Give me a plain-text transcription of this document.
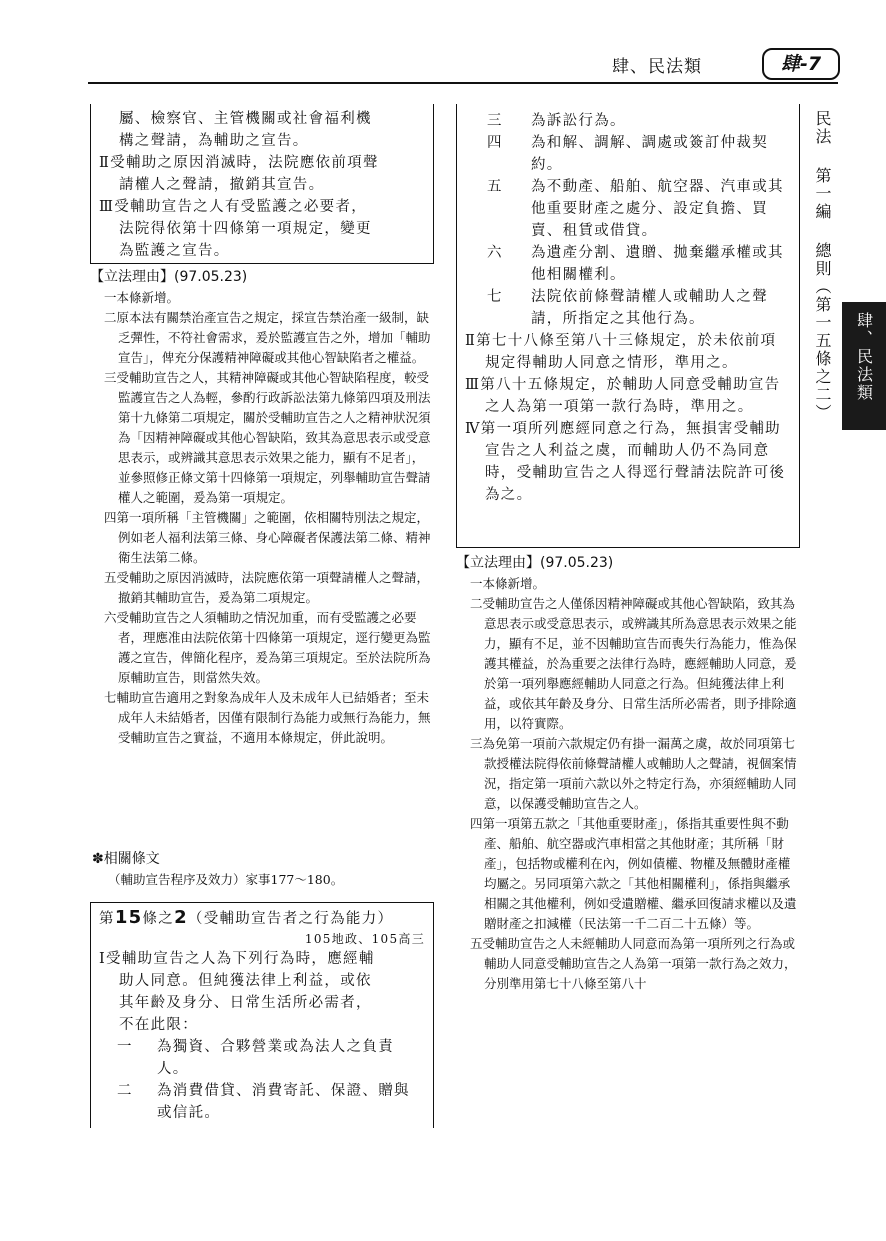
肆、民法類	肆-7
民法 第一編 總則（第一五條之二） 肆、民法類

屬、檢察官、主管機關或社會福利機

構之聲請，為輔助之宣告。

Ⅱ受輔助之原因消滅時，法院應依前項聲

請權人之聲請，撤銷其宣告。

Ⅲ受輔助宣告之人有受監護之必要者，

法院得依第十四條第一項規定，變更

為監護之宣告。

【立法理由】(97.05.23)

一本條新增。

二原本法有關禁治產宣告之規定，採宣告禁治產一級制，缺乏彈性，不符社會需求，爰於監護宣告之外，增加「輔助宣告」，俾充分保護精神障礙或其他心智缺陷者之權益。

三受輔助宣告之人，其精神障礙或其他心智缺陷程度，較受監護宣告之人為輕，參酌行政訴訟法第九條第四項及刑法第十九條第二項規定，關於受輔助宣告之人之精神狀況須為「因精神障礙或其他心智缺陷，致其為意思表示或受意思表示，或辨識其意思表示效果之能力，顯有不足者」，並參照修正條文第十四條第一項規定，列舉輔助宣告聲請權人之範圍，爰為第一項規定。

四第一項所稱「主管機關」之範圍，依相關特別法之規定，例如老人福利法第三條、身心障礙者保護法第二條、精神衛生法第二條。

五受輔助之原因消滅時，法院應依第一項聲請權人之聲請，撤銷其輔助宣告，爰為第二項規定。

六受輔助宣告之人須輔助之情況加重，而有受監護之必要者，理應准由法院依第十四條第一項規定，逕行變更為監護之宣告，俾簡化程序，爰為第三項規定。至於法院所為原輔助宣告，則當然失效。

七輔助宣告適用之對象為成年人及未成年人已結婚者；至未成年人未結婚者，因僅有限制行為能力或無行為能力，無受輔助宣告之實益，不適用本條規定，併此說明。

✽相關條文
（輔助宣告程序及效力）家事177～180。
第15條之2（受輔助宣告者之行為能力）
105地政、105高三

Ⅰ受輔助宣告之人為下列行為時，應經輔

助人同意。但純獲法律上利益，或依

其年齡及身分、日常生活所必需者，

不在此限：

一	為獨資、合夥營業或為法人之負責人。
二	為消費借貸、消費寄託、保證、贈與或信託。
三	為訴訟行為。
四	為和解、調解、調處或簽訂仲裁契約。
五	為不動產、船舶、航空器、汽車或其他重要財產之處分、設定負擔、買賣、租賃或借貸。
六	為遺產分割、遺贈、拋棄繼承權或其他相關權利。
七	法院依前條聲請權人或輔助人之聲請，所指定之其他行為。

Ⅱ第七十八條至第八十三條規定，於未依前項規定得輔助人同意之情形，準用之。

Ⅲ第八十五條規定，於輔助人同意受輔助宣告之人為第一項第一款行為時，準用之。

Ⅳ第一項所列應經同意之行為，無損害受輔助宣告之人利益之虞，而輔助人仍不為同意時，受輔助宣告之人得逕行聲請法院許可後為之。

【立法理由】(97.05.23)

一本條新增。

二受輔助宣告之人僅係因精神障礙或其他心智缺陷，致其為意思表示或受意思表示，或辨識其所為意思表示效果之能力，顯有不足，並不因輔助宣告而喪失行為能力，惟為保護其權益，於為重要之法律行為時，應經輔助人同意，爰於第一項列舉應經輔助人同意之行為。但純獲法律上利益，或依其年齡及身分、日常生活所必需者，則予排除適用，以符實際。

三為免第一項前六款規定仍有掛一漏萬之虞，故於同項第七款授權法院得依前條聲請權人或輔助人之聲請，視個案情況，指定第一項前六款以外之特定行為，亦須經輔助人同意，以保護受輔助宣告之人。

四第一項第五款之「其他重要財產」，係指其重要性與不動產、船舶、航空器或汽車相當之其他財產；其所稱「財產」，包括物或權利在內，例如債權、物權及無體財產權均屬之。另同項第六款之「其他相關權利」，係指與繼承相關之其他權利，例如受遺贈權、繼承回復請求權以及遺贈財產之扣減權（民法第一千二百二十五條）等。

五受輔助宣告之人未經輔助人同意而為第一項所列之行為或輔助人同意受輔助宣告之人為第一項第一款行為之效力，分別準用第七十八條至第八十
